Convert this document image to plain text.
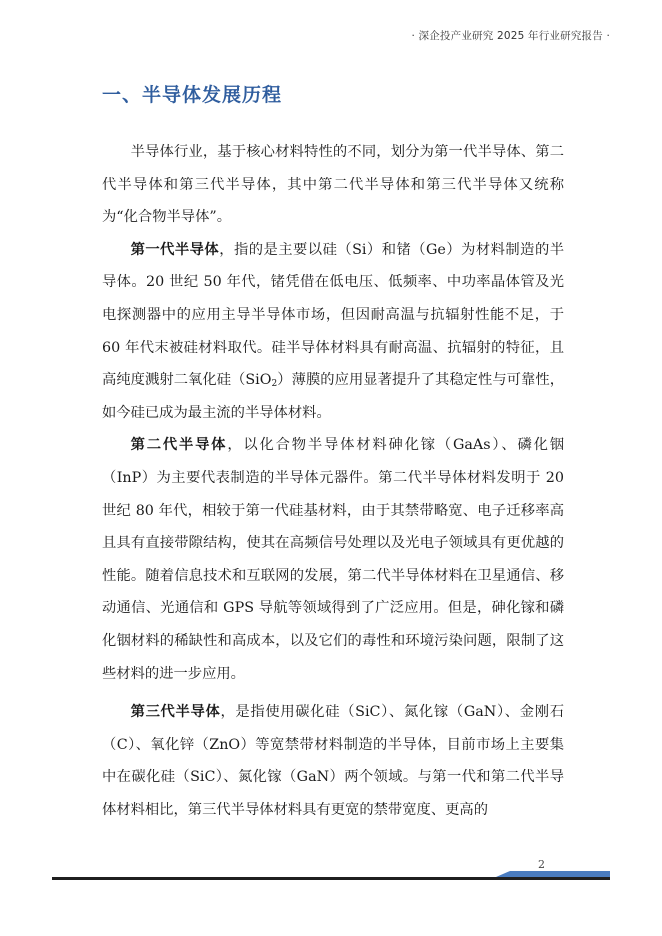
· 深企投产业研究 2025 年行业研究报告 ·
一、半导体发展历程

半导体行业，基于核心材料特性的不同，划分为第一代半导体、第二代半导体和第三代半导体，其中第二代半导体和第三代半导体又统称为“化合物半导体”。

第一代半导体，指的是主要以硅（Si）和锗（Ge）为材料制造的半导体。20 世纪 50 年代，锗凭借在低电压、低频率、中功率晶体管及光电探测器中的应用主导半导体市场，但因耐高温与抗辐射性能不足，于 60 年代末被硅材料取代。硅半导体材料具有耐高温、抗辐射的特征，且高纯度溅射二氧化硅（SiO$_2$）薄膜的应用显著提升了其稳定性与可靠性，如今硅已成为最主流的半导体材料。

第二代半导体，以化合物半导体材料砷化镓（GaAs）、磷化铟（InP）为主要代表制造的半导体元器件。第二代半导体材料发明于 20 世纪 80 年代，相较于第一代硅基材料，由于其禁带略宽、电子迁移率高且具有直接带隙结构，使其在高频信号处理以及光电子领域具有更优越的性能。随着信息技术和互联网的发展，第二代半导体材料在卫星通信、移动通信、光通信和 GPS 导航等领域得到了广泛应用。但是，砷化镓和磷化铟材料的稀缺性和高成本，以及它们的毒性和环境污染问题，限制了这些材料的进一步应用。

第三代半导体，是指使用碳化硅（SiC）、氮化镓（GaN）、金刚石（C）、氧化锌（ZnO）等宽禁带材料制造的半导体，目前市场上主要集中在碳化硅（SiC）、氮化镓（GaN）两个领域。与第一代和第二代半导体材料相比，第三代半导体材料具有更宽的禁带宽度、更高的

2
